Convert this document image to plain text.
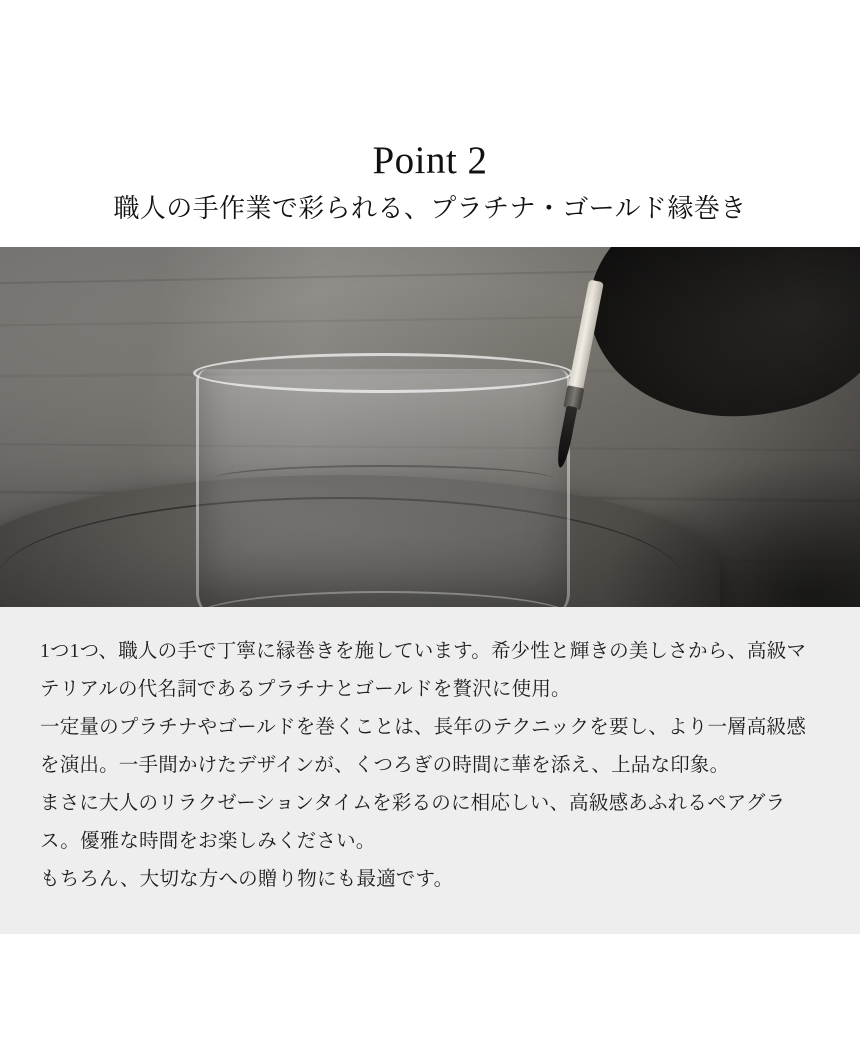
Point 2
職人の手作業で彩られる、プラチナ・ゴールド縁巻き

1つ1つ、職人の手で丁寧に縁巻きを施しています。希少性と輝きの美しさから、高級マテリアルの代名詞であるプラチナとゴールドを贅沢に使用。

一定量のプラチナやゴールドを巻くことは、長年のテクニックを要し、より一層高級感を演出。一手間かけたデザインが、くつろぎの時間に華を添え、上品な印象。

まさに大人のリラクゼーションタイムを彩るのに相応しい、高級感あふれるペアグラス。優雅な時間をお楽しみください。

もちろん、大切な方への贈り物にも最適です。
